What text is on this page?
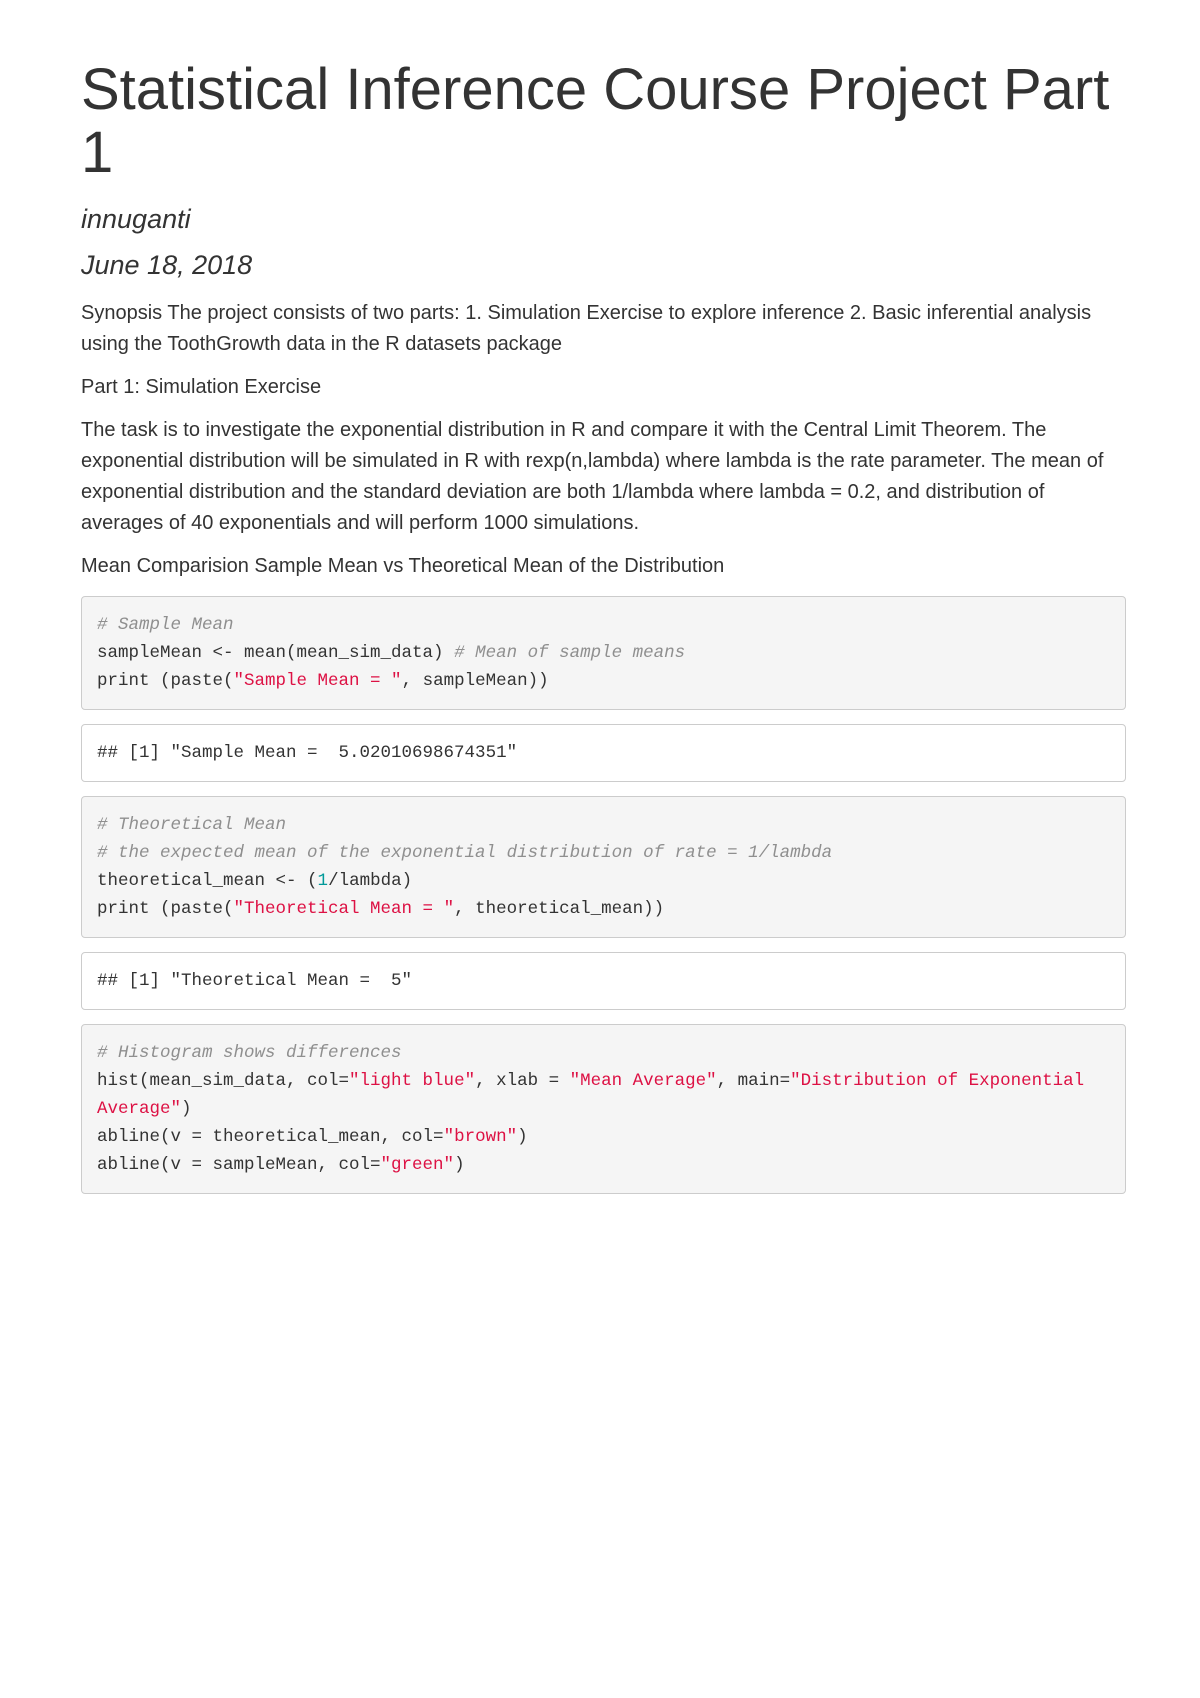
Statistical Inference Course Project Part 1
innuganti
June 18, 2018

Synopsis The project consists of two parts: 1. Simulation Exercise to explore inference 2. Basic inferential analysis using the ToothGrowth data in the R datasets package

Part 1: Simulation Exercise

The task is to investigate the exponential distribution in R and compare it with the Central Limit Theorem. The exponential distribution will be simulated in R with rexp(n,lambda) where lambda is the rate parameter. The mean of exponential distribution and the standard deviation are both 1/lambda where lambda = 0.2, and distribution of averages of 40 exponentials and will perform 1000 simulations.

Mean Comparision Sample Mean vs Theoretical Mean of the Distribution

# Sample Mean
sampleMean <- mean(mean_sim_data) # Mean of sample means
print (paste("Sample Mean = ", sampleMean))
## [1] "Sample Mean =  5.02010698674351"
# Theoretical Mean
# the expected mean of the exponential distribution of rate = 1/lambda
theoretical_mean <- (1/lambda)
print (paste("Theoretical Mean = ", theoretical_mean))
## [1] "Theoretical Mean =  5"
# Histogram shows differences
hist(mean_sim_data, col="light blue", xlab = "Mean Average", main="Distribution of Exponential Average")
abline(v = theoretical_mean, col="brown")
abline(v = sampleMean, col="green")
